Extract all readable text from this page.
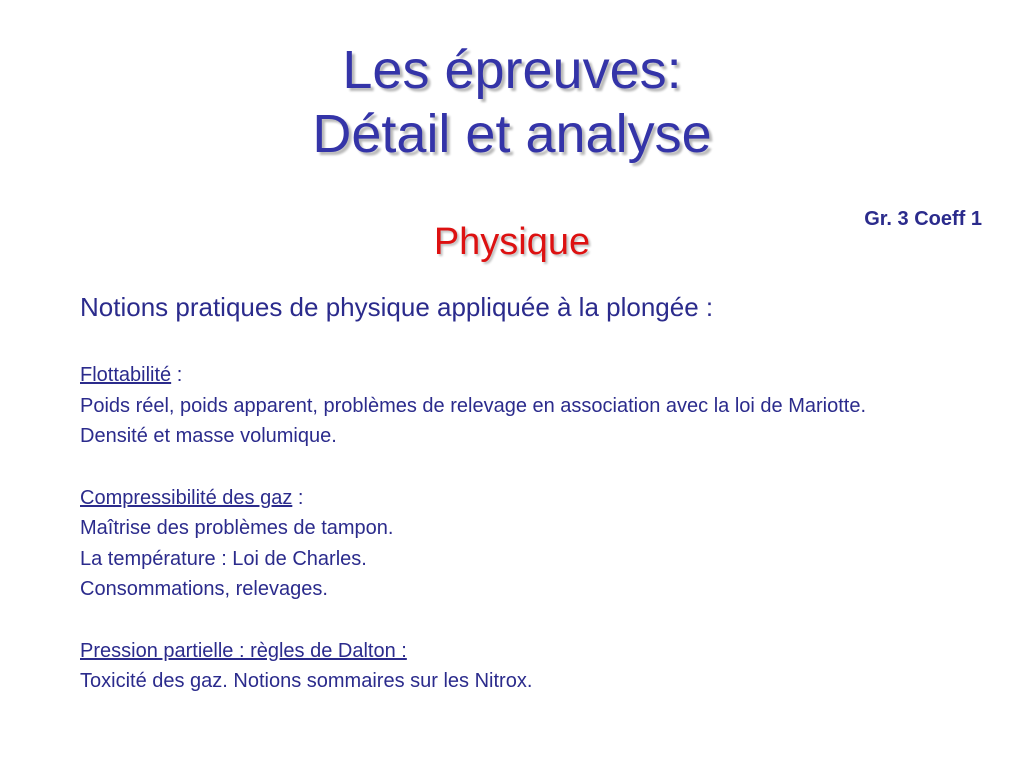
Les épreuves:
Détail et analyse
Gr. 3 Coeff 1
Physique
Notions pratiques de physique appliquée à la plongée :

Flottabilité :

Poids réel, poids apparent, problèmes de relevage en association avec la loi de Mariotte.

Densité et masse volumique.

Compressibilité des gaz :

Maîtrise des problèmes de tampon.

La température : Loi de Charles.

Consommations, relevages.

Pression partielle : règles de Dalton :

Toxicité des gaz. Notions sommaires sur les Nitrox.
